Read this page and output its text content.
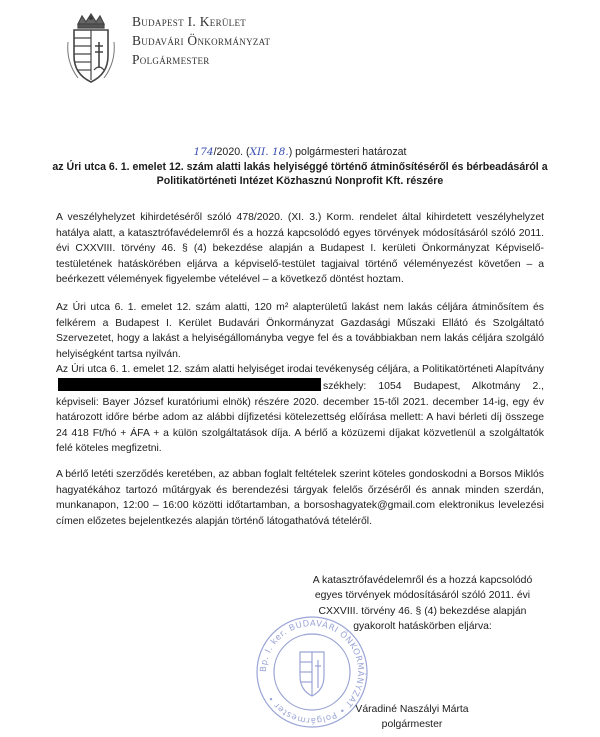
Budapest I. Kerület
Budavári Önkormányzat
Polgármester
174/2020. (XII. 18.) polgármesteri határozat
az Úri utca 6. 1. emelet 12. szám alatti lakás helyiséggé történő átminősítéséről és bérbeadásáról a
Politikatörténeti Intézet Közhasznú Nonprofit Kft. részére

A veszélyhelyzet kihirdetéséről szóló 478/2020. (XI. 3.) Korm. rendelet által kihirdetett veszélyhelyzet hatálya alatt, a katasztrófavédelemről és a hozzá kapcsolódó egyes törvények módosításáról szóló 2011. évi CXXVIII. törvény 46. § (4) bekezdése alapján a Budapest I. kerületi Önkormányzat Képviselő-testületének hatáskörében eljárva a képviselő-testület tagjaival történő véleményezést követően – a beérkezett vélemények figyelembe vételével – a következő döntést hoztam.

Az Úri utca 6. 1. emelet 12. szám alatti, 120 m² alapterületű lakást nem lakás céljára átminősítem és felkérem a Budapest I. Kerület Budavári Önkormányzat Gazdasági Műszaki Ellátó és Szolgáltató Szervezetet, hogy a lakást a helyiségállományba vegye fel és a továbbiakban nem lakás céljára szolgáló helyiségként tartsa nyilván.

Az Úri utca 6. 1. emelet 12. szám alatti helyiséget irodai tevékenység céljára, a Politikatörténeti Alapítványszékhely: 1054 Budapest, Alkotmány 2., képviseli: Bayer József kuratóriumi elnök) részére 2020. december 15-től 2021. december 14-ig, egy év határozott időre bérbe adom az alábbi díjfizetési kötelezettség előírása mellett: A havi bérleti díj összege 24 418 Ft/hó + ÁFA + a külön szolgáltatások díja. A bérlő a közüzemi díjakat közvetlenül a szolgáltatók felé köteles megfizetni.

A bérlő letéti szerződés keretében, az abban foglalt feltételek szerint köteles gondoskodni a Borsos Miklós hagyatékához tartozó műtárgyak és berendezési tárgyak felelős őrzéséről és annak minden szerdán, munkanapon, 12:00 – 16:00 közötti időtartamban, a borsoshagyatek@gmail.com elektronikus levelezési címen előzetes bejelentkezés alapján történő látogathatóvá tételéről.

A katasztrófavédelemről és a hozzá kapcsolódó egyes törvények módosításáról szóló 2011. évi CXXVIII. törvény 46. § (4) bekezdése alapján gyakorolt hatáskörben eljárva:
Bp. I. ker. BUDAVÁRI ÖNKORMÁNYZAT • Polgármester •
Váradiné Naszályi Márta
polgármester
